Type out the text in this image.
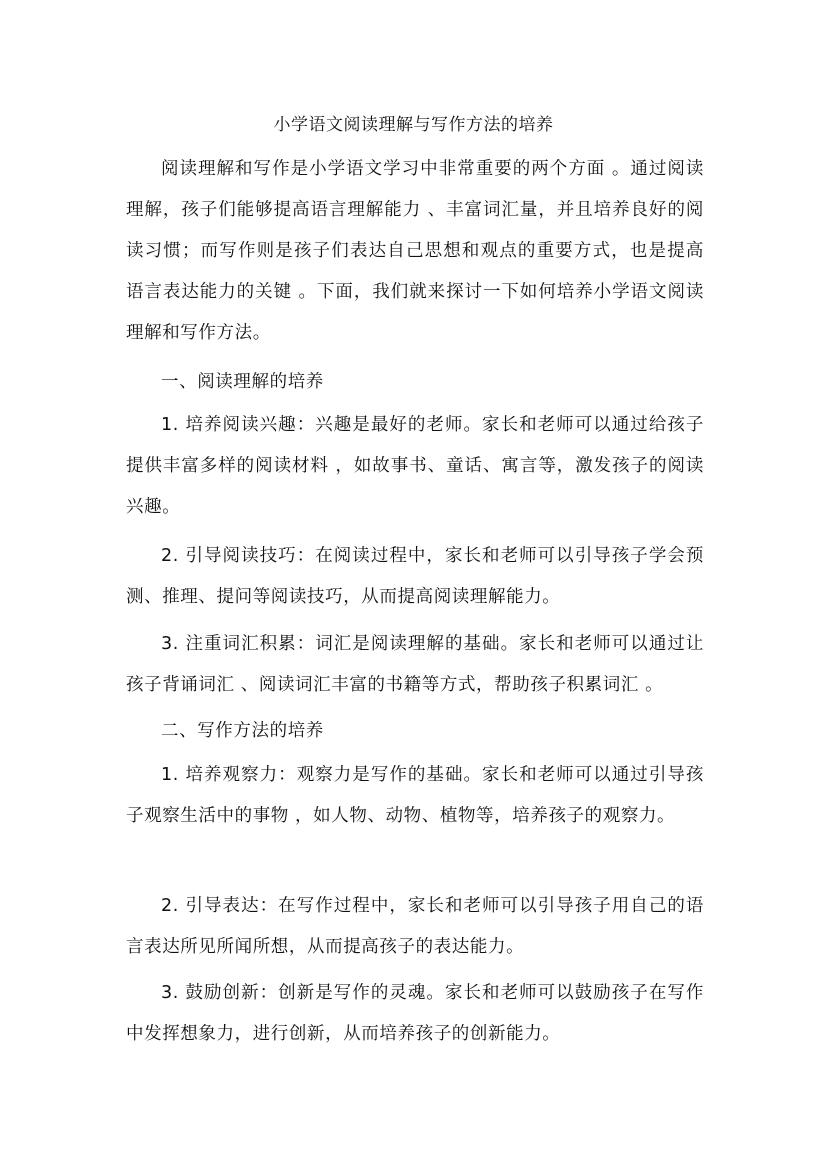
小学语文阅读理解与写作方法的培养

阅读理解和写作是小学语文学习中非常重要的两个方面 。通过阅读理解，孩子们能够提高语言理解能力 、丰富词汇量，并且培养良好的阅读习惯；而写作则是孩子们表达自己思想和观点的重要方式，也是提高语言表达能力的关键 。下面，我们就来探讨一下如何培养小学语文阅读理解和写作方法。

一、阅读理解的培养

1. 培养阅读兴趣：兴趣是最好的老师。家长和老师可以通过给孩子提供丰富多样的阅读材料 ，如故事书、童话、寓言等，激发孩子的阅读兴趣。

2. 引导阅读技巧：在阅读过程中，家长和老师可以引导孩子学会预测、推理、提问等阅读技巧，从而提高阅读理解能力。

3. 注重词汇积累：词汇是阅读理解的基础。家长和老师可以通过让孩子背诵词汇 、阅读词汇丰富的书籍等方式，帮助孩子积累词汇 。

二、写作方法的培养

1. 培养观察力：观察力是写作的基础。家长和老师可以通过引导孩子观察生活中的事物 ，如人物、动物、植物等，培养孩子的观察力。

2. 引导表达：在写作过程中，家长和老师可以引导孩子用自己的语言表达所见所闻所想，从而提高孩子的表达能力。

3. 鼓励创新：创新是写作的灵魂。家长和老师可以鼓励孩子在写作中发挥想象力，进行创新，从而培养孩子的创新能力。
